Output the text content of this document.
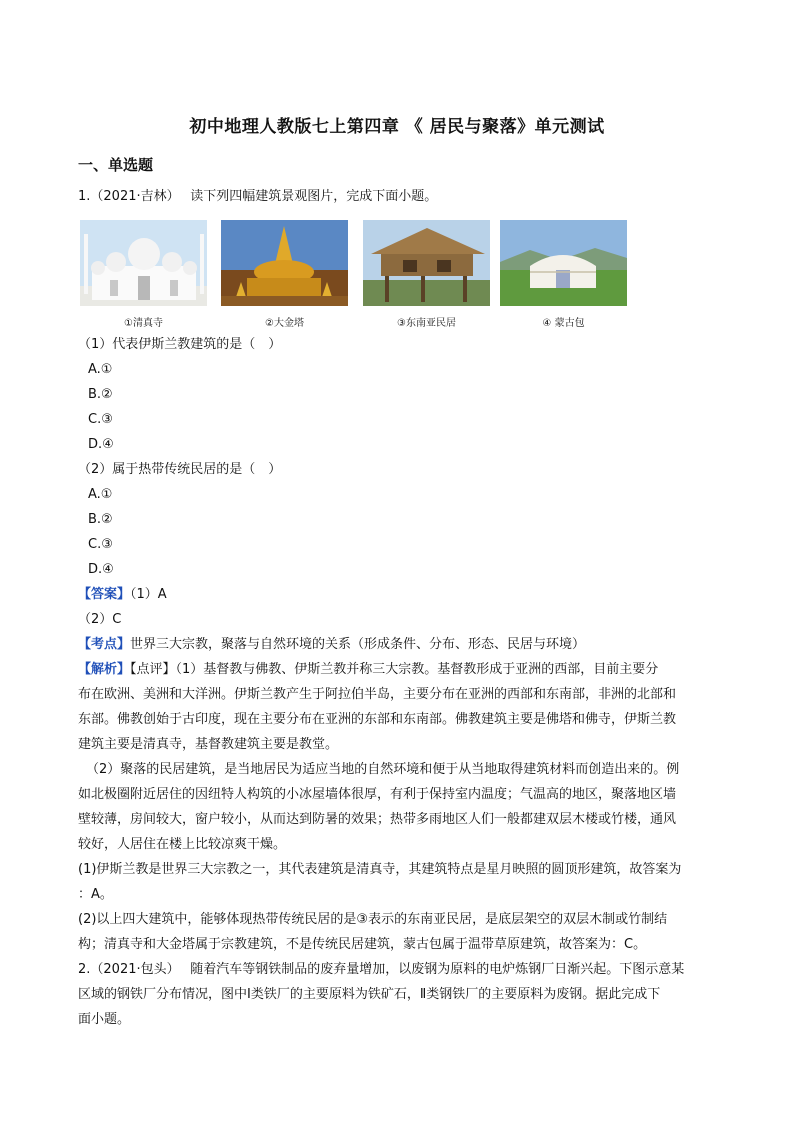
初中地理人教版七上第四章 《 居民与聚落》单元测试
一、单选题
1.（2021·吉林）　 读下列四幅建筑景观图片，完成下面小题。
①清真寺	②大金塔	③东南亚民居	④ 蒙古包
（1）代表伊斯兰教建筑的是（　）
A.①
B.②
C.③
D.④
（2）属于热带传统民居的是（　）
A.①
B.②
C.③
D.④
【答案】（1）A
（2）C
【考点】世界三大宗教，聚落与自然环境的关系（形成条件、分布、形态、民居与环境）
【解析】【点评】（1）基督教与佛教、伊斯兰教并称三大宗教。基督教形成于亚洲的西部，目前主要分
布在欧洲、美洲和大洋洲。伊斯兰教产生于阿拉伯半岛，主要分布在亚洲的西部和东南部，非洲的北部和
东部。佛教创始于古印度，现在主要分布在亚洲的东部和东南部。佛教建筑主要是佛塔和佛寺，伊斯兰教
建筑主要是清真寺，基督教建筑主要是教堂。
（2）聚落的民居建筑，是当地居民为适应当地的自然环境和便于从当地取得建筑材料而创造出来的。例
如北极圈附近居住的因纽特人构筑的小冰屋墙体很厚，有利于保持室内温度；气温高的地区，聚落地区墙
壁较薄，房间较大，窗户较小，从而达到防暑的效果；热带多雨地区人们一般都建双层木楼或竹楼，通风
较好，人居住在楼上比较凉爽干燥。
(1)伊斯兰教是世界三大宗教之一，其代表建筑是清真寺，其建筑特点是星月映照的圆顶形建筑，故答案为
：A。
(2)以上四大建筑中，能够体现热带传统民居的是③表示的东南亚民居，是底层架空的双层木制或竹制结
构；清真寺和大金塔属于宗教建筑，不是传统民居建筑，蒙古包属于温带草原建筑，故答案为：C。
2.（2021·包头）　 随着汽车等钢铁制品的废弃量增加，以废钢为原料的电炉炼钢厂日渐兴起。下图示意某
区域的钢铁厂分布情况，图中Ⅰ类铁厂的主要原料为铁矿石，Ⅱ类钢铁厂的主要原料为废钢。据此完成下
面小题。
